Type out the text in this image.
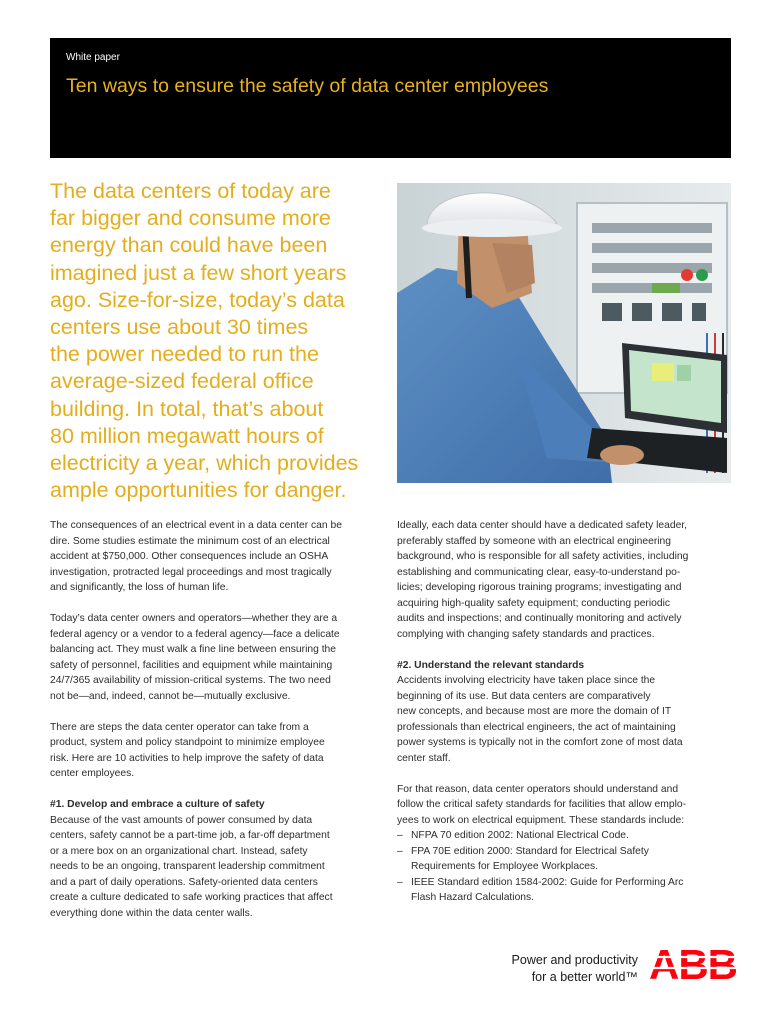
White paper
Ten ways to ensure the safety of data center employees

The data centers of today are
far bigger and consume more
energy than could have been
imagined just a few short years
ago. Size-for-size, today’s data
centers use about 30 times
the power needed to run the
average-sized federal office
building. In total, that’s about
80 million megawatt hours of
electricity a year, which provides
ample opportunities for danger.

The consequences of an electrical event in a data center can be
dire. Some studies estimate the minimum cost of an electrical
accident at $750,000. Other consequences include an OSHA
investigation, protracted legal proceedings and most tragically
and significantly, the loss of human life.

Today’s data center owners and operators—whether they are a
federal agency or a vendor to a federal agency—face a delicate
balancing act. They must walk a fine line between ensuring the
safety of personnel, facilities and equipment while maintaining
24/7/365 availability of mission-critical systems. The two need
not be—and, indeed, cannot be—mutually exclusive.

There are steps the data center operator can take from a
product, system and policy standpoint to minimize employee
risk. Here are 10 activities to help improve the safety of data
center employees.

#1. Develop and embrace a culture of safety

Because of the vast amounts of power consumed by data
centers, safety cannot be a part-time job, a far-off department
or a mere box on an organizational chart. Instead, safety
needs to be an ongoing, transparent leadership commitment
and a part of daily operations. Safety-oriented data centers
create a culture dedicated to safe working practices that affect
everything done within the data center walls.

Ideally, each data center should have a dedicated safety leader,
preferably staffed by someone with an electrical engineering
background, who is responsible for all safety activities, including
establishing and communicating clear, easy-to-understand po-
licies; developing rigorous training programs; investigating and
acquiring high-quality safety equipment; conducting periodic
audits and inspections; and continually monitoring and actively
complying with changing safety standards and practices.

#2. Understand the relevant standards

Accidents involving electricity have taken place since the
beginning of its use. But data centers are comparatively
new concepts, and because most are more the domain of IT
professionals than electrical engineers, the act of maintaining
power systems is typically not in the comfort zone of most data
center staff.

For that reason, data center operators should understand and
follow the critical safety standards for facilities that allow emplo-
yees to work on electrical equipment. These standards include:

– NFPA 70 edition 2002: National Electrical Code.
– FPA 70E edition 2000: Standard for Electrical Safety
Requirements for Employee Workplaces.
– IEEE Standard edition 1584-2002: Guide for Performing Arc
Flash Hazard Calculations.
Power and productivity
for a better world™ ABB
